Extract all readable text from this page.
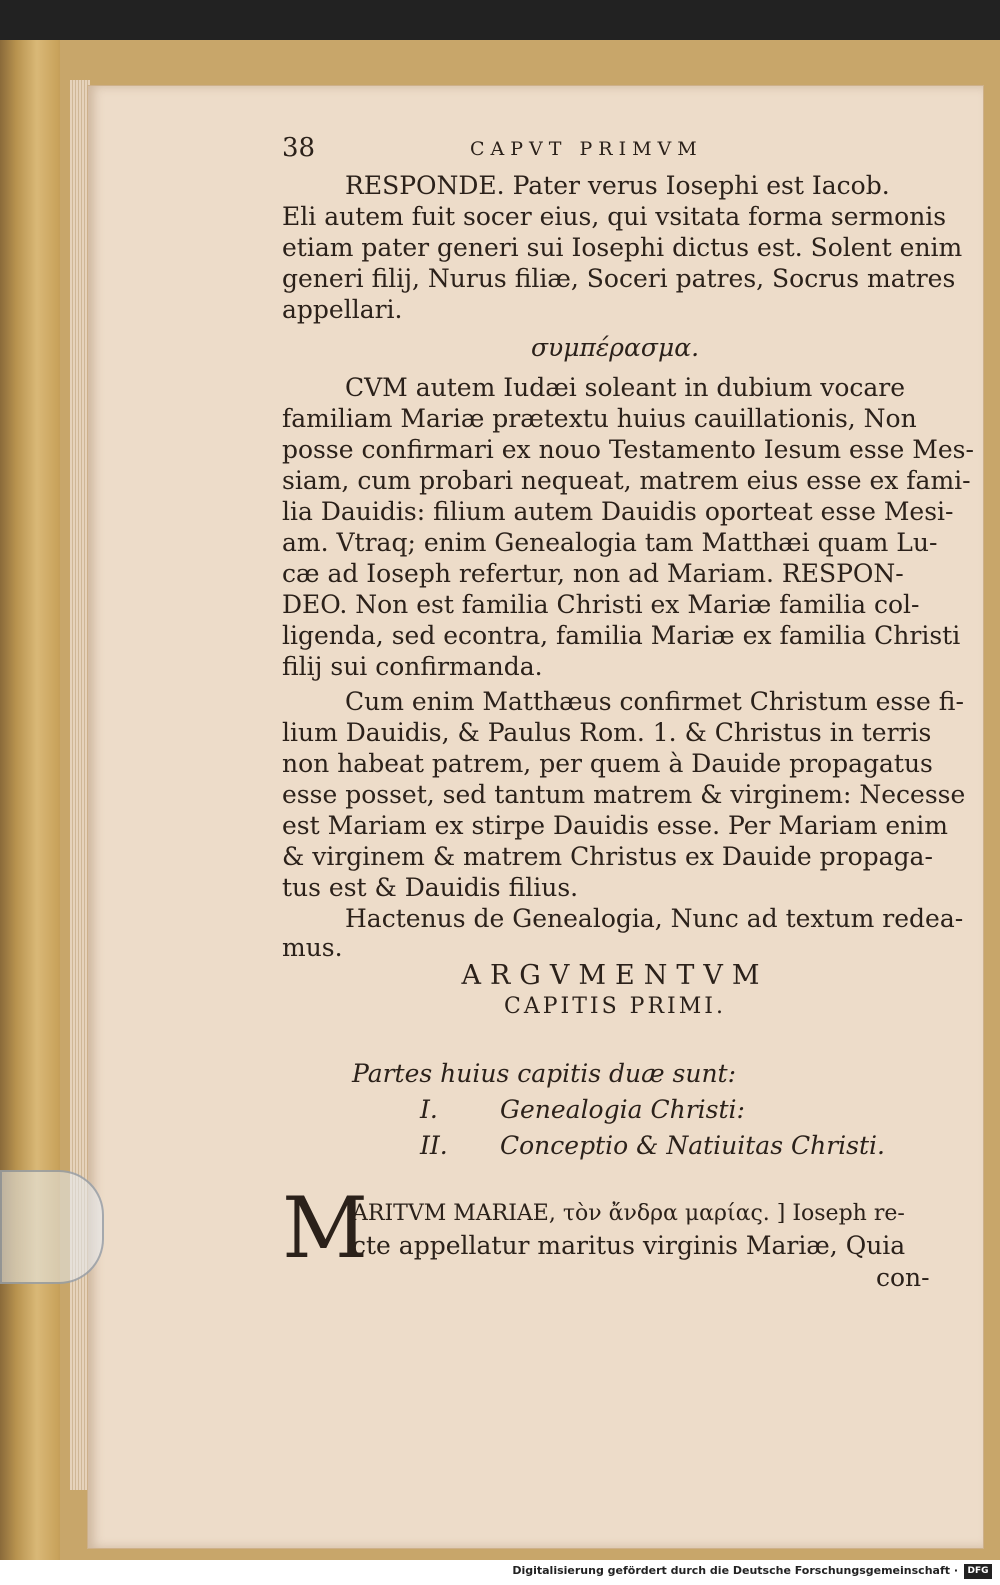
38	CAPVT PRIMVM
RESPONDE. Pater verus Iosephi est Iacob.
Eli autem fuit socer eius, qui vsitata forma sermonis
etiam pater generi sui Iosephi dictus est. Solent enim
generi filij, Nurus filiæ, Soceri patres, Socrus matres
appellari.
συμπέρασμα.
CVM autem Iudæi soleant in dubium vocare
familiam Mariæ prætextu huius cauillationis, Non
posse confirmari ex nouo Testamento Iesum esse Mes-
siam, cum probari nequeat, matrem eius esse ex fami-
lia Dauidis: filium autem Dauidis oporteat esse Mesi-
am. Vtraq; enim Genealogia tam Matthæi quam Lu-
cæ ad Ioseph refertur, non ad Mariam. RESPON-
DEO. Non est familia Christi ex Mariæ familia col-
ligenda, sed econtra, familia Mariæ ex familia Christi
filij sui confirmanda.
Cum enim Matthæus confirmet Christum esse fi-
lium Dauidis, & Paulus Rom. 1. & Christus in terris
non habeat patrem, per quem à Dauide propagatus
esse posset, sed tantum matrem & virginem: Necesse
est Mariam ex stirpe Dauidis esse. Per Mariam enim
& virginem & matrem Christus ex Dauide propaga-
tus est & Dauidis filius.
Hactenus de Genealogia, Nunc ad textum redea-
mus.
ARGVMENTVM
CAPITIS PRIMI.
Partes huius capitis duæ sunt:
I. Genealogia Christi:
II. Conceptio & Natiuitas Christi.
M
ARITVM MARIAE, τὸν ἄνδρα μαρίας. ] Ioseph re-
cte appellatur maritus virginis Mariæ, Quia
con-
Digitalisierung gefördert durch die Deutsche Forschungsgemeinschaft ·	DFG
